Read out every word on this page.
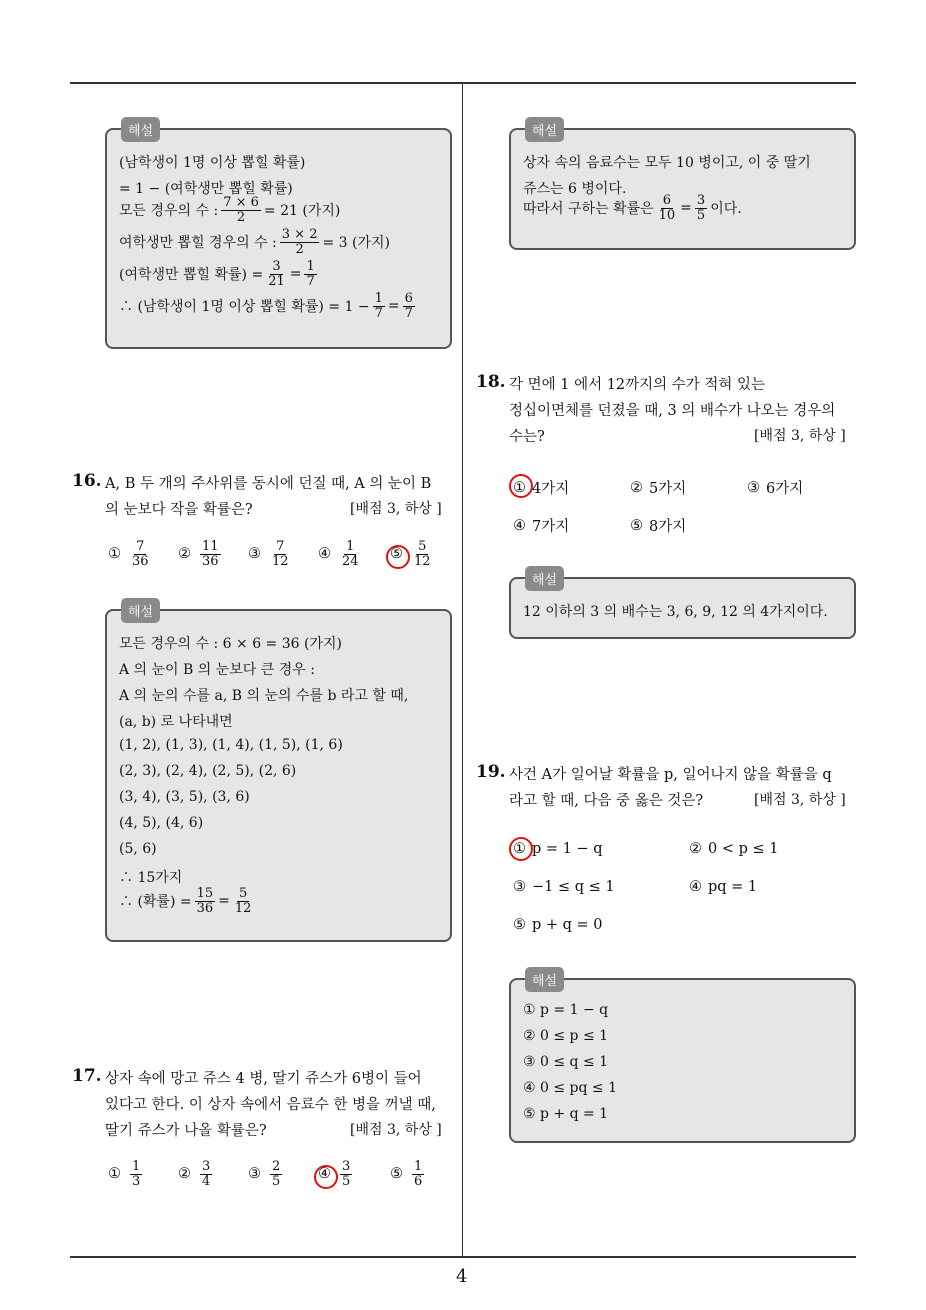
4
해설
(남학생이 1명 이상 뽑힐 확률)
= 1 − (여학생만 뽑힐 확률)
모든 경우의 수 : $\frac{7 \times 6}{2} = 21$ (가지)
여학생만 뽑힐 경우의 수 : $\frac{3 \times 2}{2} = 3$ (가지)
(여학생만 뽑힐 확률) = $\frac{3}{21} = \frac{1}{7}$
∴ (남학생이 1명 이상 뽑힐 확률) = $1 - \frac{1}{7} = \frac{6}{7}$
16. A, B 두 개의 주사위를 동시에 던질 때, A 의 눈이 B
의 눈보다 작을 확률은?	[배점 3, 하상 ]
① $\frac{7}{36}$ ② $\frac{11}{36}$ ③ $\frac{7}{12}$ ④ $\frac{1}{24}$ ⑤ $\frac{5}{12}$
해설
모든 경우의 수 : 6 × 6 = 36 (가지)
A 의 눈이 B 의 눈보다 큰 경우 :
A 의 눈의 수를 a, B 의 눈의 수를 b 라고 할 때,
(a, b) 로 나타내면
(1, 2), (1, 3), (1, 4), (1, 5), (1, 6)
(2, 3), (2, 4), (2, 5), (2, 6)
(3, 4), (3, 5), (3, 6)
(4, 5), (4, 6)
(5, 6)
∴ 15가지
∴ (확률) = $\frac{15}{36} = \frac{5}{12}$
17. 상자 속에 망고 쥬스 4 병, 딸기 쥬스가 6병이 들어
있다고 한다. 이 상자 속에서 음료수 한 병을 꺼낼 때,
딸기 쥬스가 나올 확률은?	[배점 3, 하상 ]
① $\frac{1}{3}$ ② $\frac{3}{4}$ ③ $\frac{2}{5}$ ④ $\frac{3}{5}$	⑤ $\frac{1}{6}$
해설
상자 속의 음료수는 모두 10 병이고, 이 중 딸기
쥬스는 6 병이다.
따라서 구하는 확률은 $\frac{6}{10} = \frac{3}{5}$ 이다.
18. 각 면에 1 에서 12까지의 수가 적혀 있는
정십이면체를 던졌을 때, 3 의 배수가 나오는 경우의
수는?	[배점 3, 하상 ]
① 4가지	② 5가지	③ 6가지
④ 7가지	⑤ 8가지
해설
12 이하의 3 의 배수는 3, 6, 9, 12 의 4가지이다.
19. 사건 A가 일어날 확률을 p, 일어나지 않을 확률을 q
라고 할 때, 다음 중 옳은 것은?	[배점 3, 하상 ]
① p = 1 − q	② 0 < p ≤ 1
③ −1 ≤ q ≤ 1	④ pq = 1
⑤ p + q = 0
해설
① p = 1 − q
② 0 ≤ p ≤ 1
③ 0 ≤ q ≤ 1
④ 0 ≤ pq ≤ 1
⑤ p + q = 1
